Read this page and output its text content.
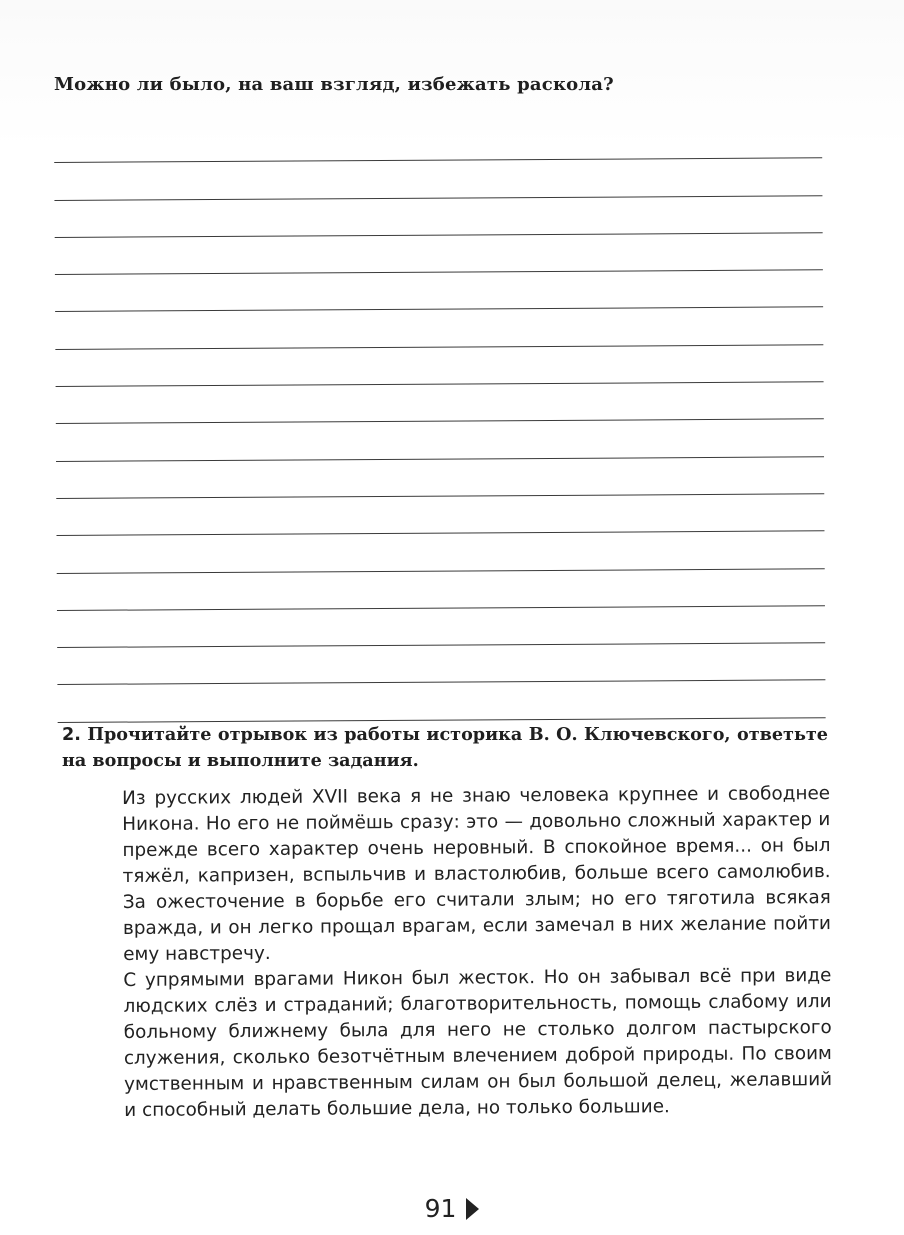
Можно ли было, на ваш взгляд, избежать раскола?
2. Прочитайте отрывок из работы историка В. О. Ключевского, ответьте на вопросы и выполните задания.

Из русских людей XVII века я не знаю человека крупнее и свободнее Никона. Но его не поймёшь сразу: это — довольно сложный характер и прежде всего характер очень неровный. В спокойное время... он был тяжёл, капризен, вспыльчив и властолюбив, больше всего самолюбив. За ожесточение в борьбе его считали злым; но его тяготила всякая вражда, и он легко прощал врагам, если замечал в них желание пойти ему навстречу.

С упрямыми врагами Никон был жесток. Но он забывал всё при виде людских слёз и страданий; благотворительность, помощь слабому или больному ближнему была для него не столько долгом пастырского служения, сколько безотчётным влечением доброй природы. По своим умственным и нравственным силам он был большой делец, желавший и способный делать большие дела, но только большие.

91
